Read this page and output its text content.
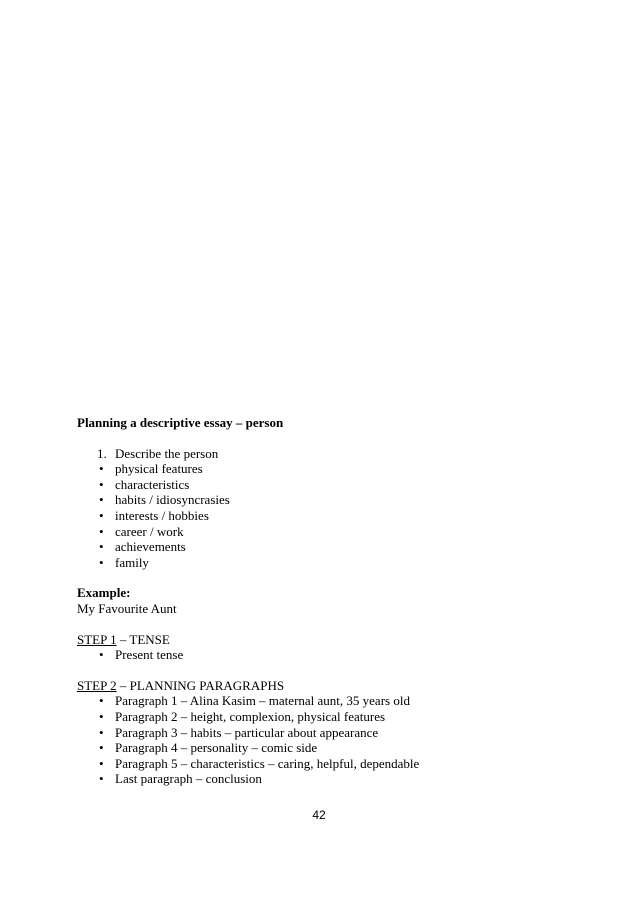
Planning a descriptive essay – person
1. Describe the person
• physical features
• characteristics
• habits / idiosyncrasies
• interests / hobbies
• career / work
• achievements
• family
Example:
My Favourite Aunt
STEP 1 – TENSE
• Present tense
STEP 2 – PLANNING PARAGRAPHS
• Paragraph 1 – Alina Kasim – maternal aunt, 35 years old
• Paragraph 2 – height, complexion, physical features
• Paragraph 3 – habits – particular about appearance
• Paragraph 4 – personality – comic side
• Paragraph 5 – characteristics – caring, helpful, dependable
• Last paragraph – conclusion
42
